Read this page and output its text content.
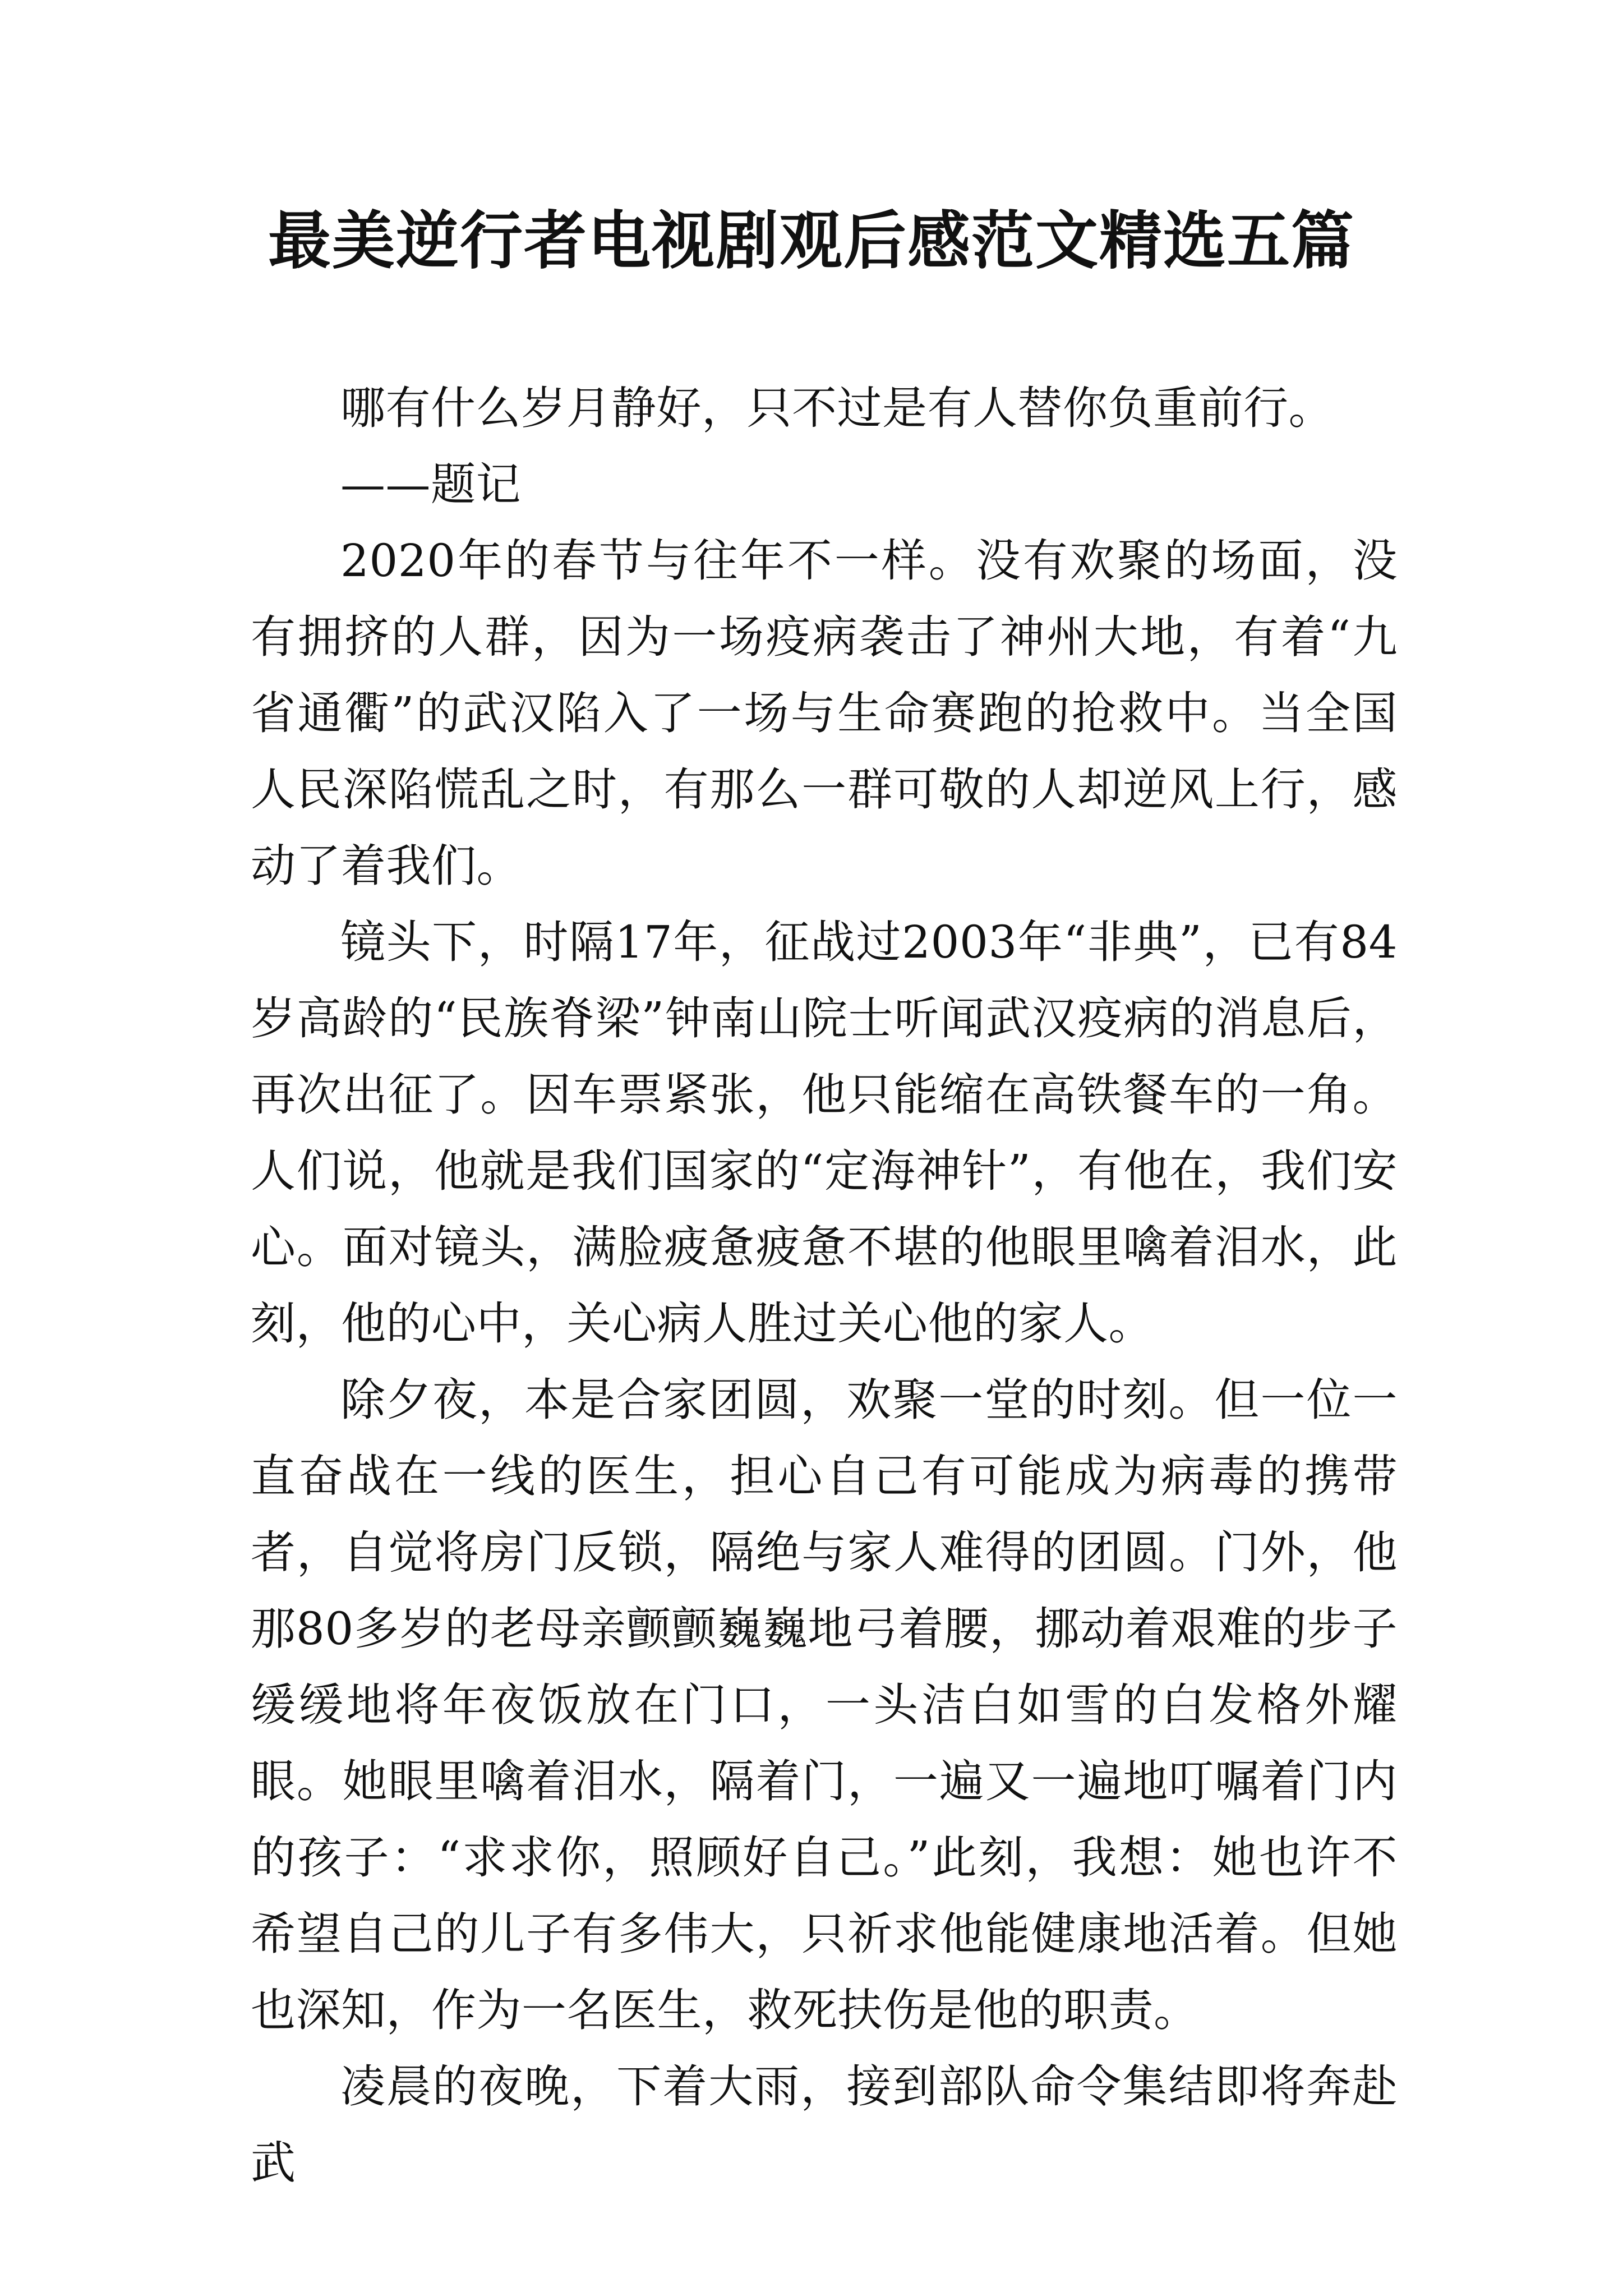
最美逆行者电视剧观后感范文精选五篇

哪有什么岁月静好，只不过是有人替你负重前行。

——题记

2020年的春节与往年不一样。没有欢聚的场面，没有拥挤的人群，因为一场疫病袭击了神州大地，有着“九省通衢”的武汉陷入了一场与生命赛跑的抢救中。当全国人民深陷慌乱之时，有那么一群可敬的人却逆风上行，感动了着我们。

镜头下，时隔17年，征战过2003年“非典”，已有84岁高龄的“民族脊梁”钟南山院士听闻武汉疫病的消息后，再次出征了。因车票紧张，他只能缩在高铁餐车的一角。人们说，他就是我们国家的“定海神针”，有他在，我们安心。面对镜头，满脸疲惫疲惫不堪的他眼里噙着泪水，此刻，他的心中，关心病人胜过关心他的家人。

除夕夜，本是合家团圆，欢聚一堂的时刻。但一位一直奋战在一线的医生，担心自己有可能成为病毒的携带者，自觉将房门反锁，隔绝与家人难得的团圆。门外，他那80多岁的老母亲颤颤巍巍地弓着腰，挪动着艰难的步子缓缓地将年夜饭放在门口，一头洁白如雪的白发格外耀眼。她眼里噙着泪水，隔着门，一遍又一遍地叮嘱着门内的孩子：“求求你，照顾好自己。”此刻，我想：她也许不希望自己的儿子有多伟大，只祈求他能健康地活着。但她也深知，作为一名医生，救死扶伤是他的职责。

凌晨的夜晚，下着大雨，接到部队命令集结即将奔赴武
